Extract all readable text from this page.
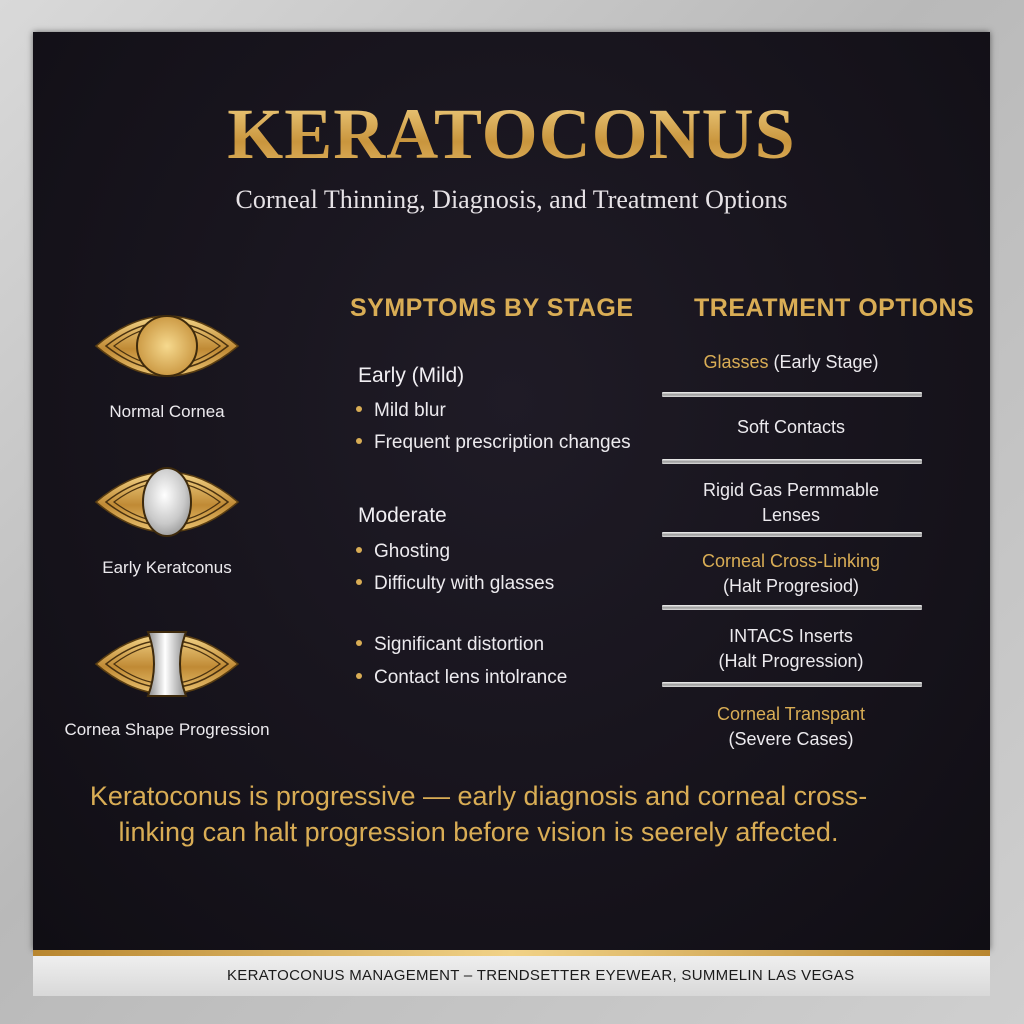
KERATOCONUS

Corneal Thinning, Diagnosis, and Treatment Options

Normal Cornea
Early Keratconus
Cornea Shape Progression
SYMPTOMS BY STAGE
Early (Mild)
Mild blur
Frequent prescription changes
Moderate
Ghosting
Difficulty with glasses
Significant distortion
Contact lens intolrance
TREATMENT OPTIONS
Glasses (Early Stage)
Soft Contacts
Rigid Gas Permmable
Lenses
Corneal Cross-Linking
(Halt Progresiod)
INTACS Inserts
(Halt Progression)
Corneal Transpant
(Severe Cases)

Keratoconus is progressive — early diagnosis and corneal cross-linking can halt progression before vision is seerely affected.

KERATOCONUS MANAGEMENT – TRENDSETTER EYEWEAR, SUMMELIN LAS VEGAS
